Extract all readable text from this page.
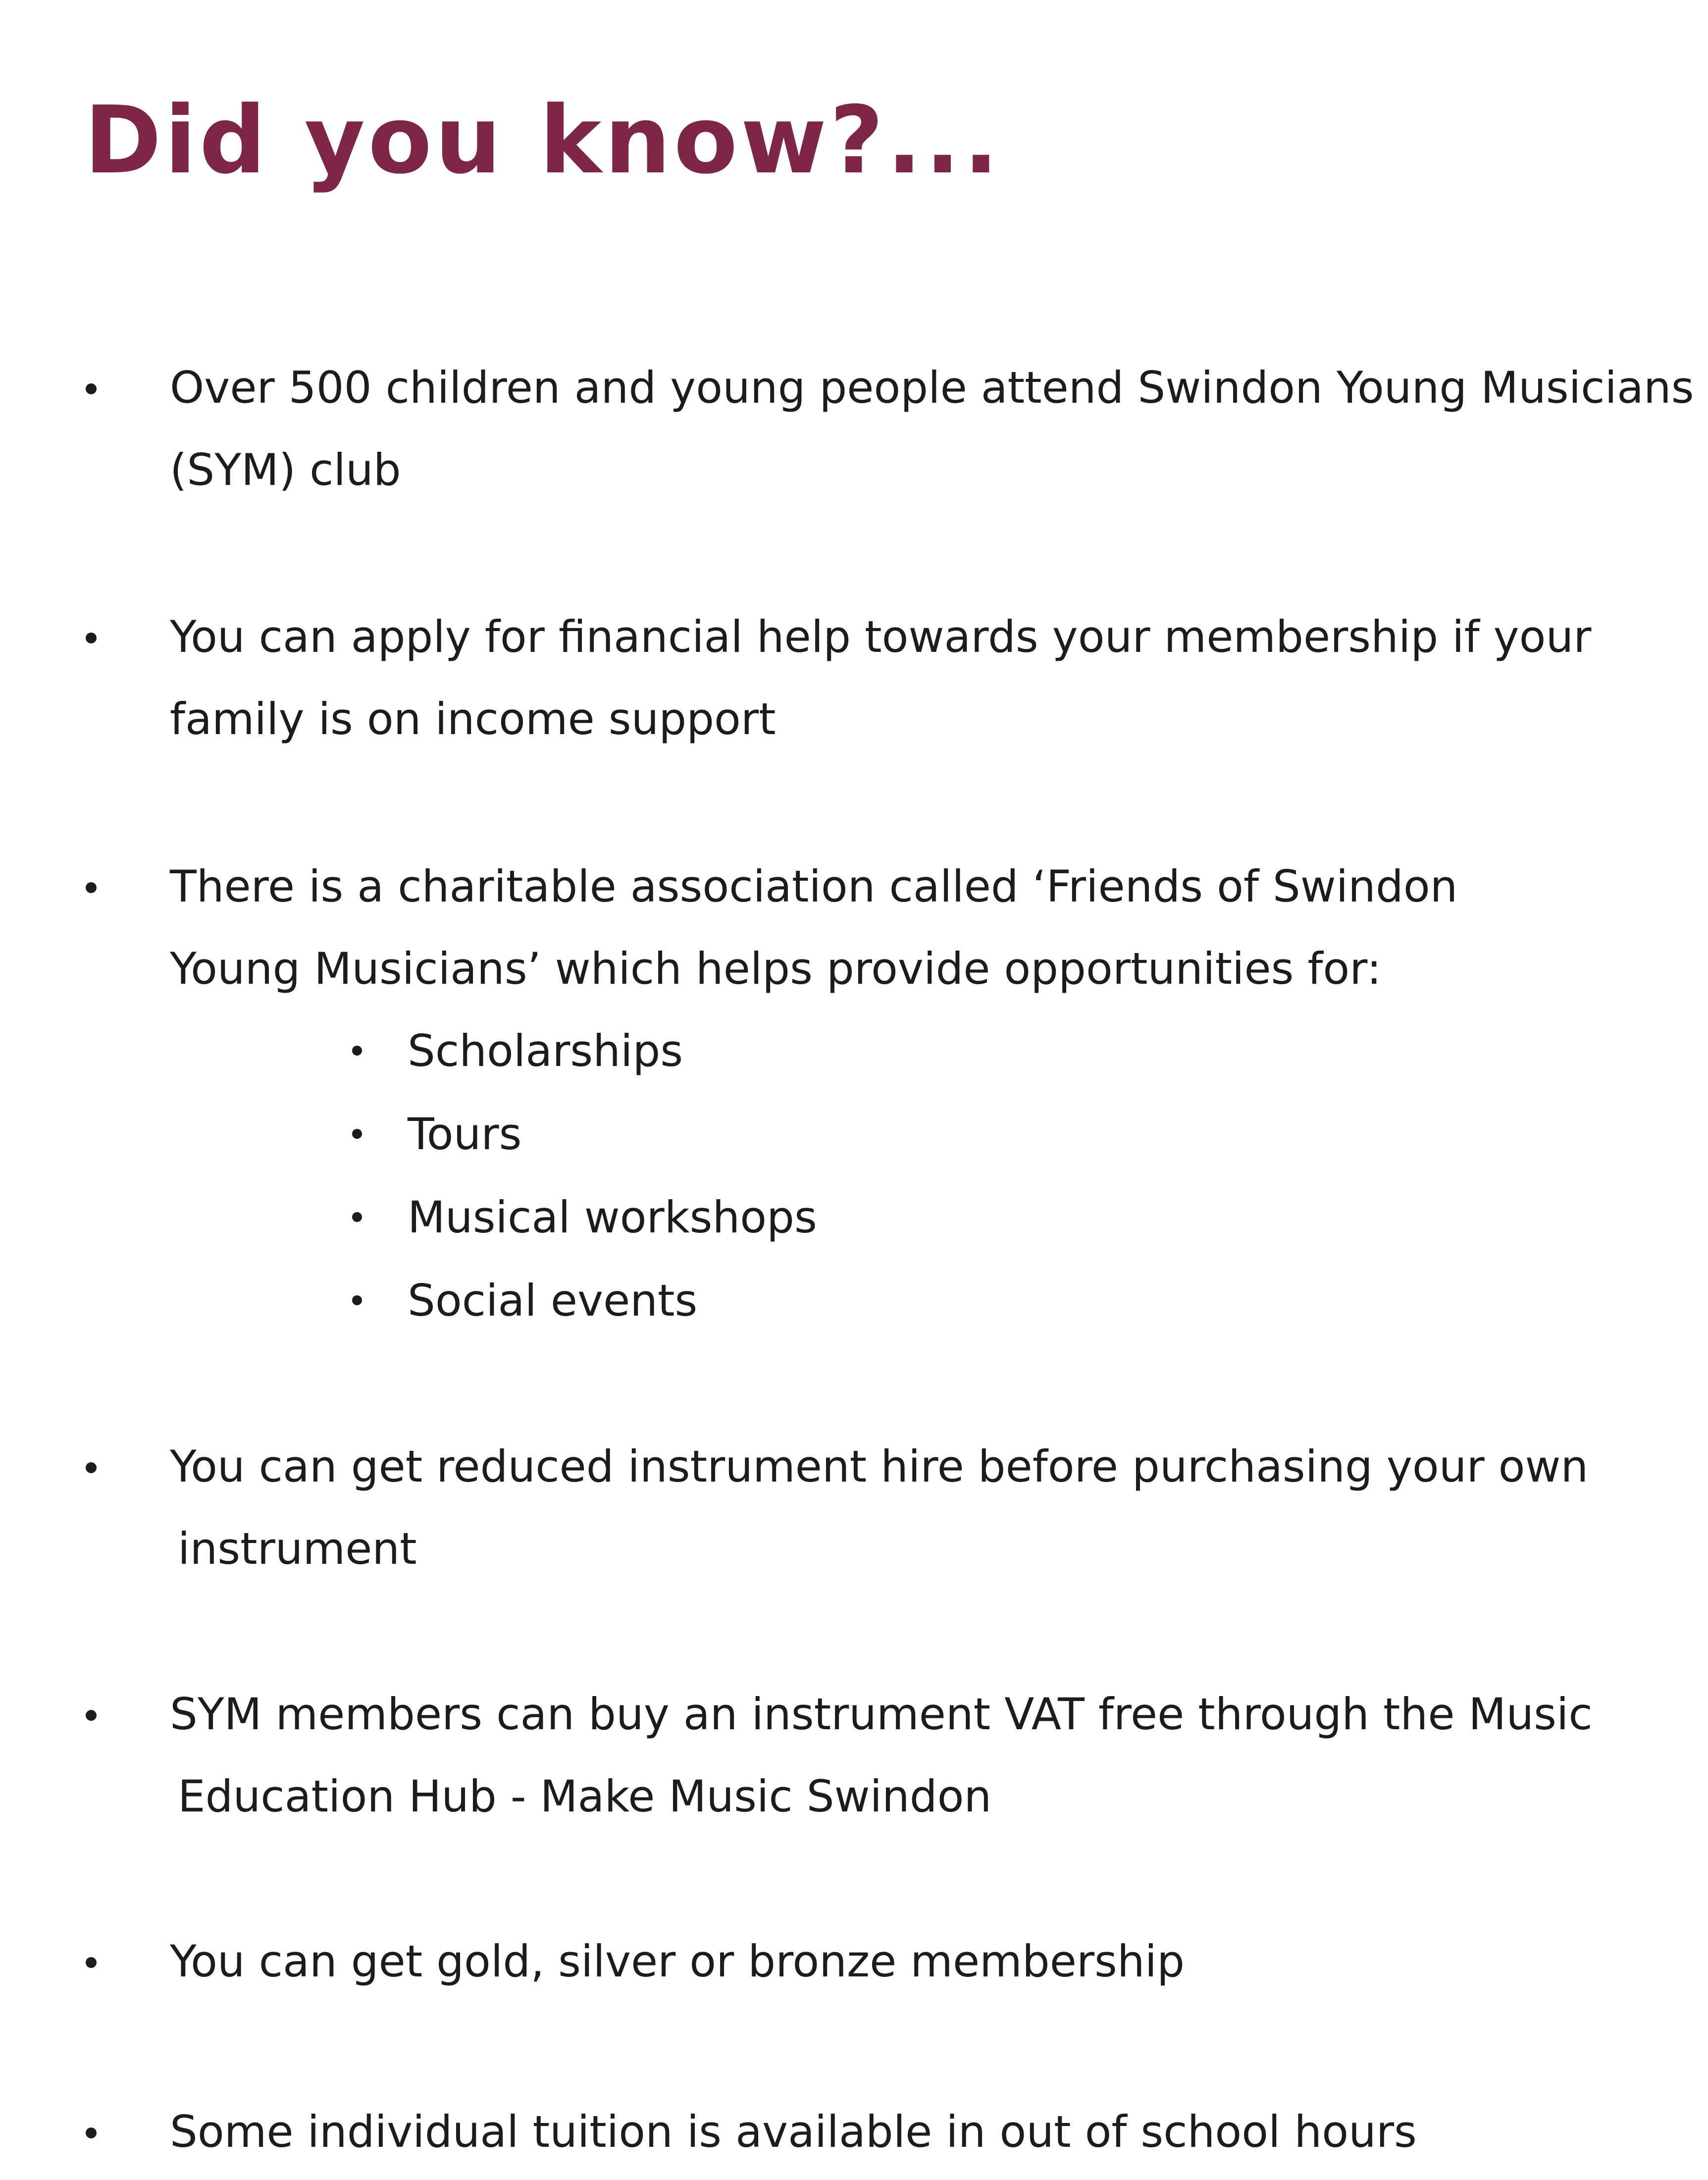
Did you know?...
Over 500 children and young people attend Swindon Young Musicians
(SYM) club
You can apply for financial help towards your membership if your
family is on income support
There is a charitable association called ‘Friends of Swindon
Young Musicians’ which helps provide opportunities for:
Scholarships
Tours
Musical workshops
Social events
You can get reduced instrument hire before purchasing your own
instrument
SYM members can buy an instrument VAT free through the Music
Education Hub - Make Music Swindon
You can get gold, silver or bronze membership
Some individual tuition is available in out of school hours
